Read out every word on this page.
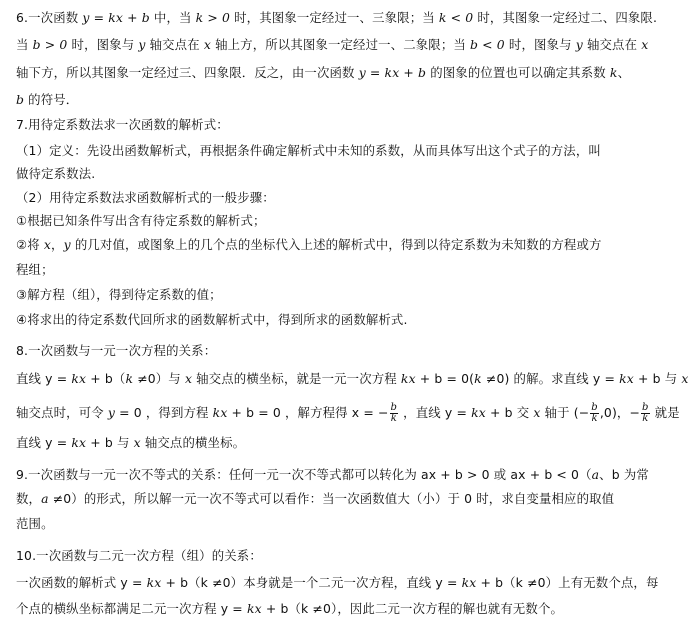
6.一次函数 y = kx + b 中，当 k > 0 时，其图象一定经过一、三象限；当 k < 0 时，其图象一定经过二、四象限.
当 b > 0 时，图象与 y 轴交点在 x 轴上方，所以其图象一定经过一、二象限；当 b < 0 时，图象与 y 轴交点在 x
轴下方，所以其图象一定经过三、四象限．反之，由一次函数 y = kx + b 的图象的位置也可以确定其系数 k、
b 的符号．
7.用待定系数法求一次函数的解析式：
（1）定义：先设出函数解析式，再根据条件确定解析式中未知的系数，从而具体写出这个式子的方法，叫
做待定系数法.
（2）用待定系数法求函数解析式的一般步骤：
①根据已知条件写出含有待定系数的解析式；
②将 x，y 的几对值，或图象上的几个点的坐标代入上述的解析式中，得到以待定系数为未知数的方程或方
程组；
③解方程（组），得到待定系数的值；
④将求出的待定系数代回所求的函数解析式中，得到所求的函数解析式.
8.一次函数与一元一次方程的关系：
直线 y = kx + b（k ≠0）与 x 轴交点的横坐标，就是一元一次方程 kx + b = 0(k ≠0) 的解。求直线 y = kx + b 与 x
轴交点时，可令 y = 0 ，得到方程 kx + b = 0 ，解方程得 x = − $\frac{b}{k}$ ，直线 y = kx + b 交 x 轴于 (− $\frac{b}{k} ,0$)，− $\frac{b}{k}$ 就是
直线 y = kx + b 与 x 轴交点的横坐标。
9.一次函数与一元一次不等式的关系：任何一元一次不等式都可以转化为 ax + b > 0 或 ax + b < 0（a、b 为常
数，a ≠0）的形式，所以解一元一次不等式可以看作：当一次函数值大（小）于 0 时，求自变量相应的取值
范围。
10.一次函数与二元一次方程（组）的关系：
一次函数的解析式 y = kx + b（k ≠0）本身就是一个二元一次方程，直线 y = kx + b（k ≠0）上有无数个点，每
个点的横纵坐标都满足二元一次方程 y = kx + b（k ≠0），因此二元一次方程的解也就有无数个。
